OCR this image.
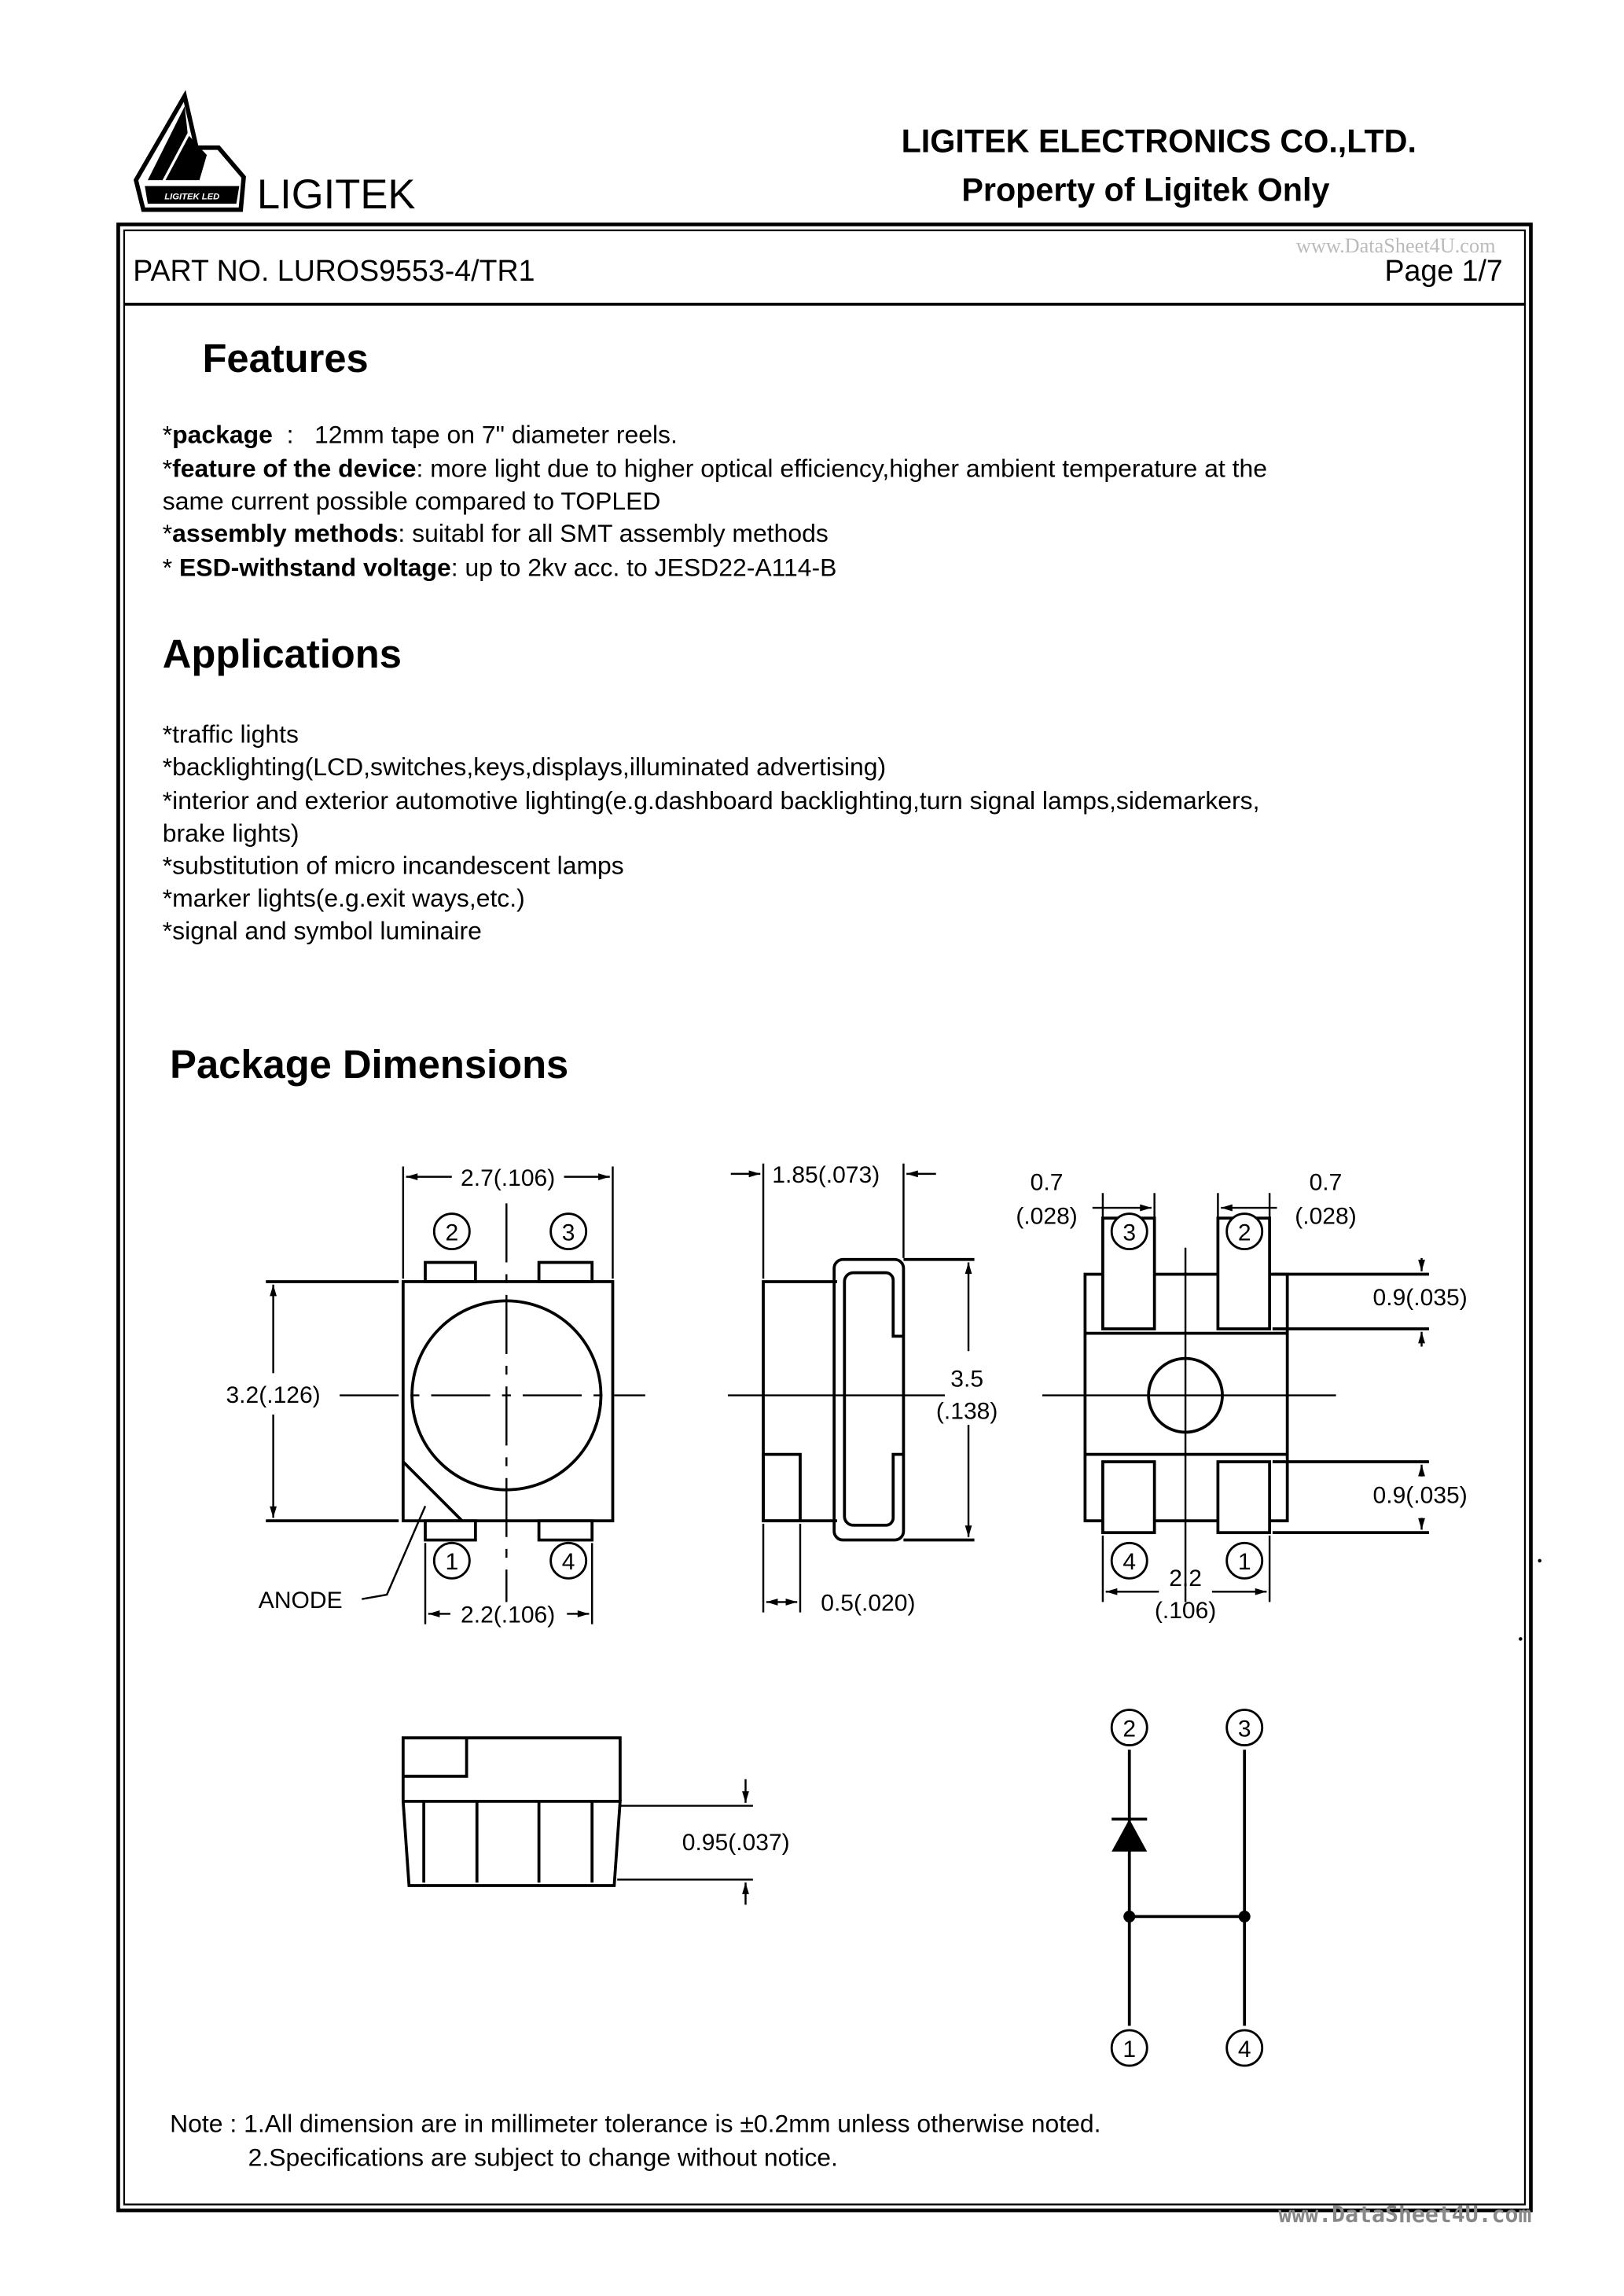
LIGITEK LED LIGITEK
LIGITEK ELECTRONICS CO.,LTD.
Property of Ligitek Only
www.DataSheet4U.com
PART NO. LUROS9553-4/TR1	Page 1/7
Features
*package  :   12mm tape on 7" diameter reels.
*feature of the device: more light due to higher optical efficiency,higher ambient temperature at the
same current possible compared to TOPLED
*assembly methods: suitabl for all SMT assembly methods
* ESD-withstand voltage: up to 2kv acc. to JESD22-A114-B
Applications
*traffic lights
*backlighting(LCD,switches,keys,displays,illuminated advertising)
*interior and exterior automotive lighting(e.g.dashboard backlighting,turn signal lamps,sidemarkers,
brake lights)
*substitution of micro incandescent lamps
*marker lights(e.g.exit ways,etc.)
*signal and symbol luminaire
Package Dimensions
2.7(.106)
3.2(.126)
ANODE
2.2(.106)
2	3
1	4
1.85(.073)
3.5
(.138)
0.5(.020)
0.7
(.028)
0.7
(.028)
0.9(.035)
0.9(.035)
2.2
(.106)
3	2
4	1
0.95(.037)
2	3
1	4
Note : 1.All dimension are in millimeter tolerance is ±0.2mm unless otherwise noted.
2.Specifications are subject to change without notice.
www.DataSheet4U.com
